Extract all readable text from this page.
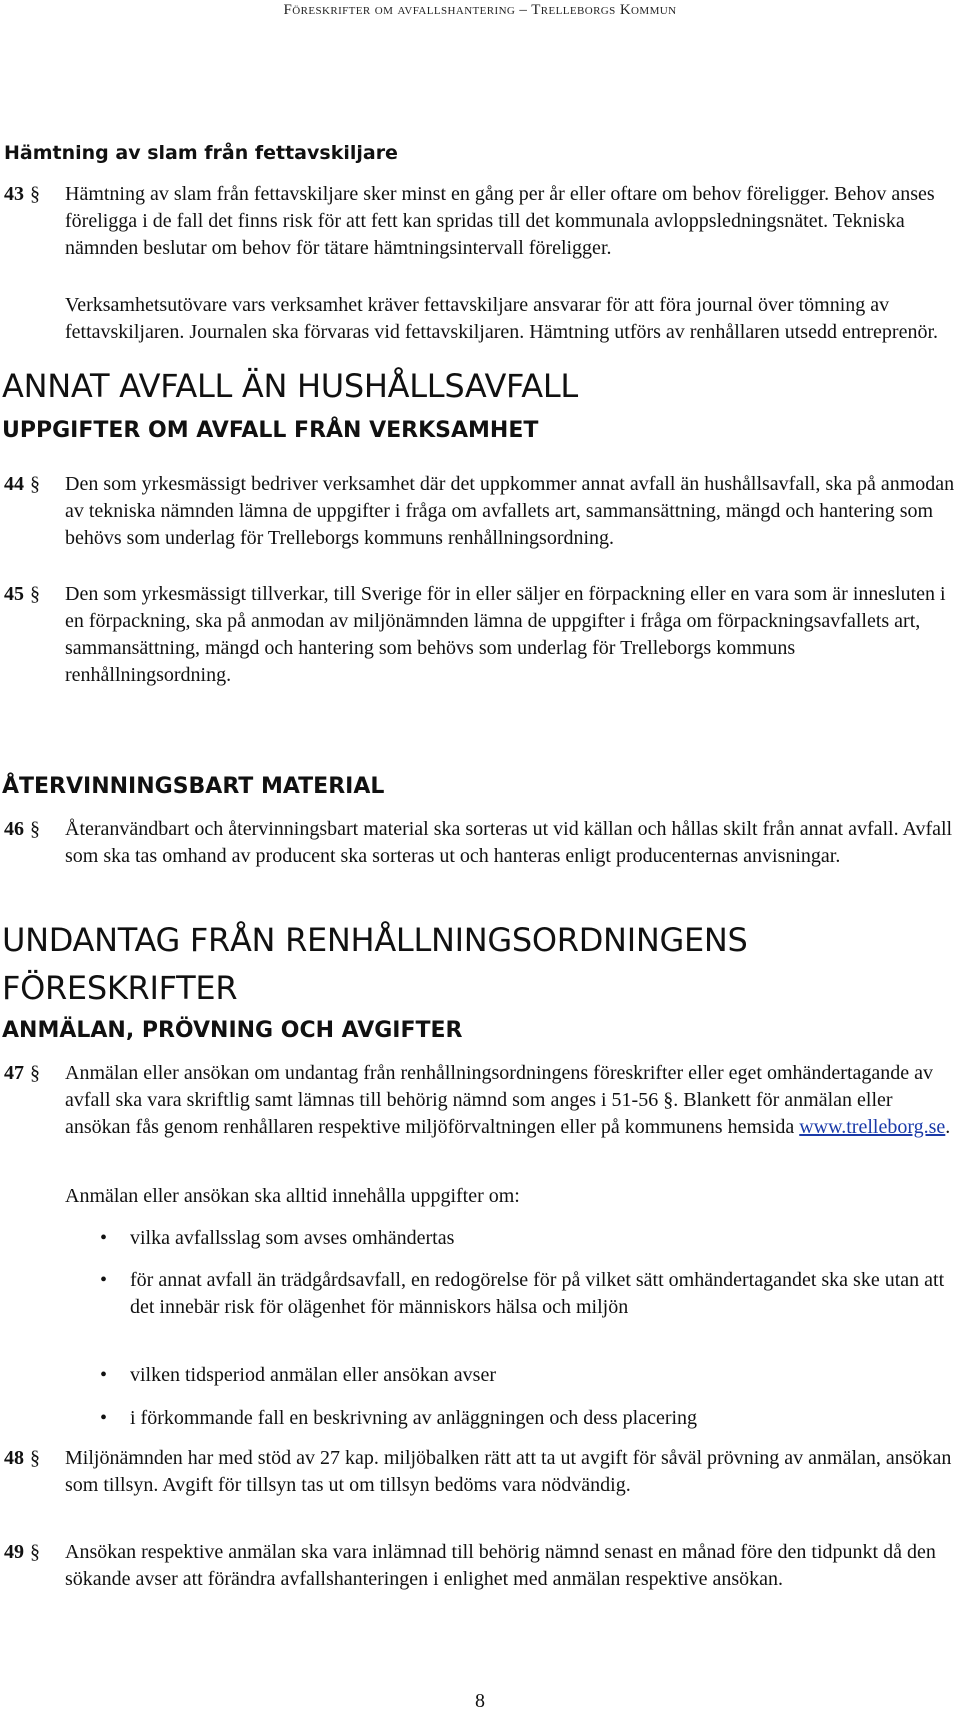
Föreskrifter om avfallshantering – Trelleborgs Kommun
Hämtning av slam från fettavskiljare
43 §	Hämtning av slam från fettavskiljare sker minst en gång per år eller oftare om behov föreligger. Behov anses föreligga i de fall det finns risk för att fett kan spridas till det kommunala avloppsledningsnätet. Tekniska nämnden beslutar om behov för tätare hämtningsintervall föreligger.
Verksamhetsutövare vars verksamhet kräver fettavskiljare ansvarar för att föra journal över tömning av fettavskiljaren. Journalen ska förvaras vid fettavskiljaren. Hämtning utförs av renhållaren utsedd entreprenör.
ANNAT AVFALL ÄN HUSHÅLLSAVFALL
UPPGIFTER OM AVFALL FRÅN VERKSAMHET
44 §	Den som yrkesmässigt bedriver verksamhet där det uppkommer annat avfall än hushållsavfall, ska på anmodan av tekniska nämnden lämna de uppgifter i fråga om avfallets art, sammansättning, mängd och hantering som behövs som underlag för Trelleborgs kommuns renhållningsordning.
45 §	Den som yrkesmässigt tillverkar, till Sverige för in eller säljer en förpackning eller en vara som är innesluten i en förpackning, ska på anmodan av miljönämnden lämna de uppgifter i fråga om förpackningsavfallets art, sammansättning, mängd och hantering som behövs som underlag för Trelleborgs kommuns renhållningsordning.
ÅTERVINNINGSBART MATERIAL
46 §	Återanvändbart och återvinningsbart material ska sorteras ut vid källan och hållas skilt från annat avfall. Avfall som ska tas omhand av producent ska sorteras ut och hanteras enligt producenternas anvisningar.
UNDANTAG FRÅN RENHÅLLNINGSORDNINGENS FÖRESKRIFTER
ANMÄLAN, PRÖVNING OCH AVGIFTER
47 §	Anmälan eller ansökan om undantag från renhållningsordningens föreskrifter eller eget omhändertagande av avfall ska vara skriftlig samt lämnas till behörig nämnd som anges i 51-56 §. Blankett för anmälan eller ansökan fås genom renhållaren respektive miljöförvaltningen eller på kommunens hemsida www.trelleborg.se.
Anmälan eller ansökan ska alltid innehålla uppgifter om:
• vilka avfallsslag som avses omhändertas
• för annat avfall än trädgårdsavfall, en redogörelse för på vilket sätt omhändertagandet ska ske utan att det innebär risk för olägenhet för människors hälsa och miljön
• vilken tidsperiod anmälan eller ansökan avser
• i förkommande fall en beskrivning av anläggningen och dess placering
48 §	Miljönämnden har med stöd av 27 kap. miljöbalken rätt att ta ut avgift för såväl prövning av anmälan, ansökan som tillsyn. Avgift för tillsyn tas ut om tillsyn bedöms vara nödvändig.
49 §	Ansökan respektive anmälan ska vara inlämnad till behörig nämnd senast en månad före den tidpunkt då den sökande avser att förändra avfallshanteringen i enlighet med anmälan respektive ansökan.
8
